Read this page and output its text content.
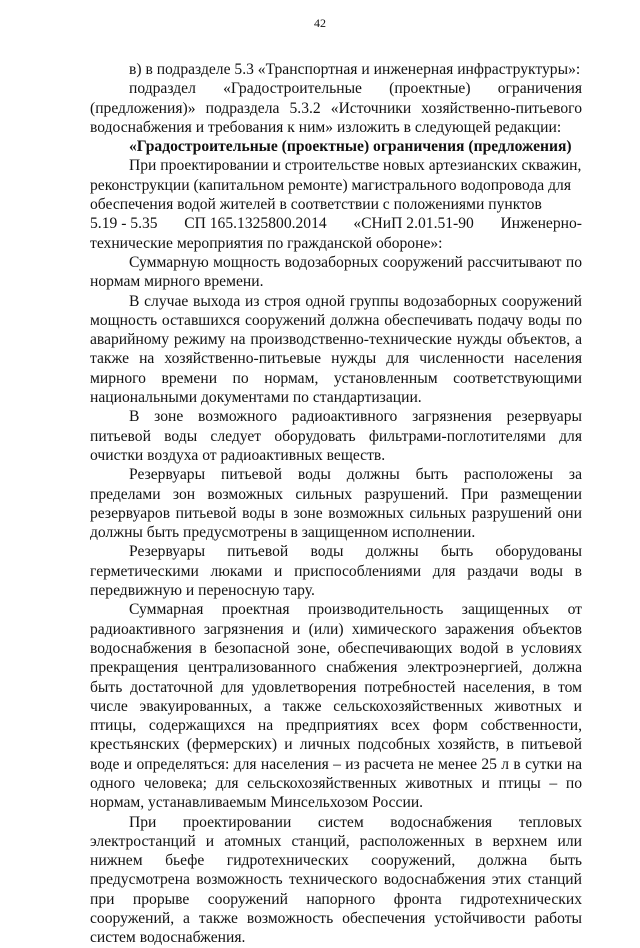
42

в) в подразделе 5.3 «Транспортная и инженерная инфраструктуры»:

подраздел «Градостроительные (проектные) ограничения (предложения)» подраздела 5.3.2 «Источники хозяйственно-питьевого водоснабжения и требования к ним» изложить в следующей редакции:

«Градостроительные (проектные) ограничения (предложения)

При проектировании и строительстве новых артезианских скважин,

реконструкции (капитальном ремонте) магистрального водопровода для

обеспечения водой жителей в соответствии с положениями пунктов

5.19 - 5.35 СП 165.1325800.2014 «СНиП 2.01.51-90 Инженерно-

технические мероприятия по гражданской обороне»:

Суммарную мощность водозаборных сооружений рассчитывают по нормам мирного времени.

В случае выхода из строя одной группы водозаборных сооружений мощность оставшихся сооружений должна обеспечивать подачу воды по аварийному режиму на производственно-технические нужды объектов, а также на хозяйственно-питьевые нужды для численности населения мирного времени по нормам, установленным соответствующими национальными документами по стандартизации.

В зоне возможного радиоактивного загрязнения резервуары питьевой воды следует оборудовать фильтрами-поглотителями для очистки воздуха от радиоактивных веществ.

Резервуары питьевой воды должны быть расположены за пределами зон возможных сильных разрушений. При размещении резервуаров питьевой воды в зоне возможных сильных разрушений они должны быть предусмотрены в защищенном исполнении.

Резервуары питьевой воды должны быть оборудованы герметическими люками и приспособлениями для раздачи воды в передвижную и переносную тару.

Суммарная проектная производительность защищенных от радиоактивного загрязнения и (или) химического заражения объектов водоснабжения в безопасной зоне, обеспечивающих водой в условиях прекращения централизованного снабжения электроэнергией, должна быть достаточной для удовлетворения потребностей населения, в том числе эвакуированных, а также сельскохозяйственных животных и птицы, содержащихся на предприятиях всех форм собственности, крестьянских (фермерских) и личных подсобных хозяйств, в питьевой воде и определяться: для населения – из расчета не менее 25 л в сутки на одного человека; для сельскохозяйственных животных и птицы – по нормам, устанавливаемым Минсельхозом России.

При проектировании систем водоснабжения тепловых электростанций и атомных станций, расположенных в верхнем или нижнем бьефе гидротехнических сооружений, должна быть предусмотрена возможность технического водоснабжения этих станций при прорыве сооружений напорного фронта гидротехнических сооружений, а также возможность обеспечения устойчивости работы систем водоснабжения.
